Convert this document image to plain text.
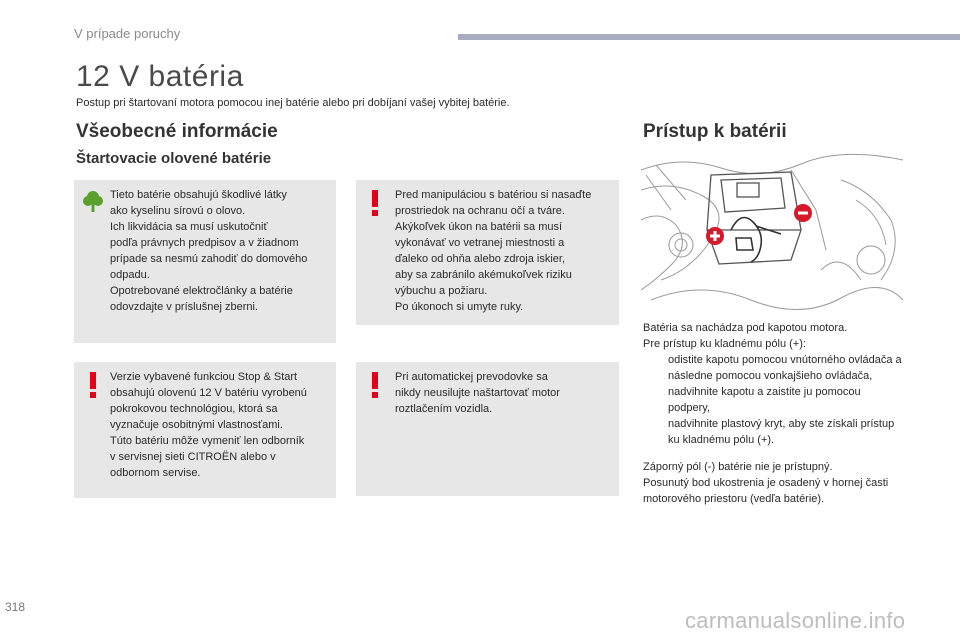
V prípade poruchy
12 V batéria
Postup pri štartovaní motora pomocou inej batérie alebo pri dobíjaní vašej vybitej batérie.
Všeobecné informácie
Štartovacie olovené batérie
Tieto batérie obsahujú škodlivé látky
ako kyselinu sírovú o olovo.
Ich likvidácia sa musí uskutočniť
podľa právnych predpisov a v žiadnom
prípade sa nesmú zahodiť do domového
odpadu.
Opotrebované elektročlánky a batérie
odovzdajte v príslušnej zberni.
Pred manipuláciou s batériou si nasaďte
prostriedok na ochranu očí a tváre.
Akýkoľvek úkon na batérii sa musí
vykonávať vo vetranej miestnosti a
ďaleko od ohňa alebo zdroja iskier,
aby sa zabránilo akémukoľvek riziku
výbuchu a požiaru.
Po úkonoch si umyte ruky.
Verzie vybavené funkciou Stop & Start
obsahujú olovenú 12 V batériu vyrobenú
pokrokovou technológiou, ktorá sa
vyznačuje osobitnými vlastnosťami.
Túto batériu môže vymeniť len odborník
v servisnej sieti CITROËN alebo v
odbornom servise.
Pri automatickej prevodovke sa
nikdy neusilujte naštartovať motor
roztlačením vozidla.
Prístup k batérii
Batéria sa nachádza pod kapotou motora.
Pre prístup ku kladnému pólu (+):
odistite kapotu pomocou vnútorného ovládača a následne pomocou vonkajšieho ovládača,
nadvihnite kapotu a zaistite ju pomocou podpery,
nadvihnite plastový kryt, aby ste získali prístup ku kladnému pólu (+).
Záporný pól (-) batérie nie je prístupný.
Posunutý bod ukostrenia je osadený v hornej časti motorového priestoru (vedľa batérie).
318
carmanualsonline.info
